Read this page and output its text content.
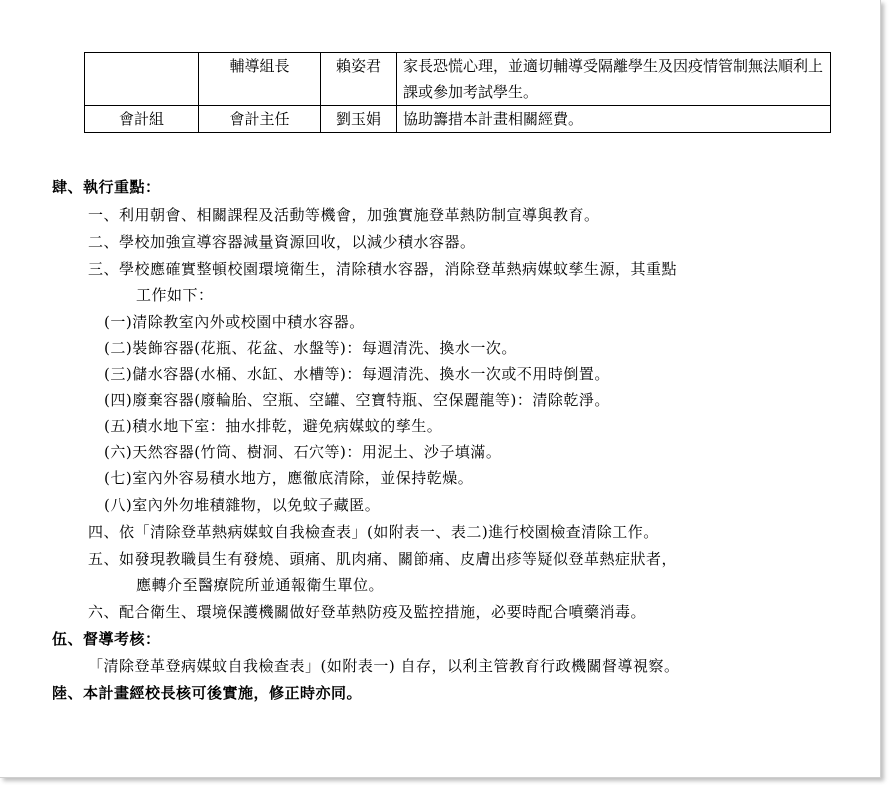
	輔導組長	賴姿君	家長恐慌心理，並適切輔導受隔離學生及因疫情管制無法順利上課或參加考試學生。
會計組	會計主任	劉玉娟	協助籌措本計畫相關經費。
肆、執行重點：
一、利用朝會、相關課程及活動等機會，加強實施登革熱防制宣導與教育。
二、學校加強宣導容器減量資源回收，以減少積水容器。
三、學校應確實整頓校園環境衛生，清除積水容器，消除登革熱病媒蚊孳生源，其重點
工作如下：
(一)清除教室內外或校園中積水容器。
(二)裝飾容器(花瓶、花盆、水盤等)：每週清洗、換水一次。
(三)儲水容器(水桶、水缸、水槽等)：每週清洗、換水一次或不用時倒置。
(四)廢棄容器(廢輪胎、空瓶、空罐、空寶特瓶、空保麗龍等)：清除乾淨。
(五)積水地下室：抽水排乾，避免病媒蚊的孳生。
(六)天然容器(竹筒、樹洞、石穴等)：用泥土、沙子填滿。
(七)室內外容易積水地方，應徹底清除，並保持乾燥。
(八)室內外勿堆積雜物，以免蚊子藏匿。
四、依「清除登革熱病媒蚊自我檢查表」(如附表一、表二)進行校園檢查清除工作。
五、如發現教職員生有發燒、頭痛、肌肉痛、關節痛、皮膚出疹等疑似登革熱症狀者，
應轉介至醫療院所並通報衛生單位。
六、配合衛生、環境保護機關做好登革熱防疫及監控措施，必要時配合噴藥消毒。
伍、督導考核：
「清除登革登病媒蚊自我檢查表」(如附表一) 自存，以利主管教育行政機關督導視察。
陸、本計畫經校長核可後實施，修正時亦同。
